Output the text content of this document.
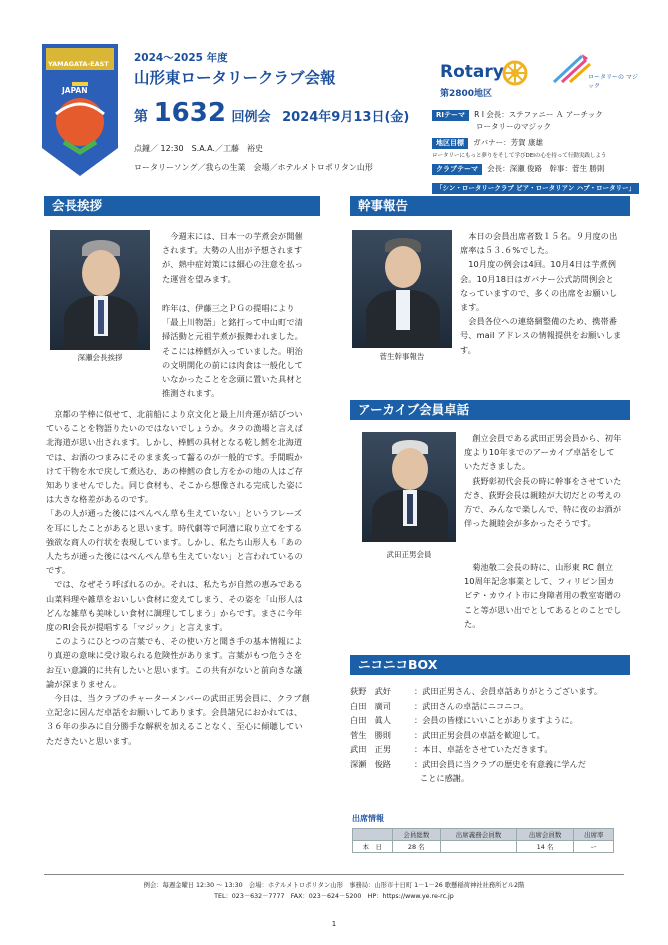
YAMAGATA-EAST
JAPAN
2024～2025 年度
山形東ロータリークラブ会報
第 1632 回例会 2024年9月13日(金)
点鐘／ 12:30　S.A.A.／工藤　裕史
ロータリーソング／我らの生業　会場／ホテルメトロポリタン山形
Rotary
第2800地区
ロータリーの マジック
RIテーマ R I 会長：ステファニー Ａ アーチック
ロータリーのマジック
地区目標 ガバナー：芳賀 康雄
ロータリーにもっと夢りをそして学びDEIの心を持って行動実践しよう
クラブテーマ 会長：深瀬 俊路　幹事：菅生 勝則 「シン・ロータリークラブ ビア・ロータリアン ハブ・ロータリー」
会長挨拶
深瀬会長挨拶

今週末には、日本一の芋煮会が開催されます。大勢の人出が予想されますが、熱中症対策には細心の注意を払った運営を望みます。

昨年は、伊藤三之ＰＧの提唱により「最上川物語」と銘打って中山町で清掃活動と元祖芋煮が振舞われました。そこには棒鱈が入っていました。明治の文明開化の前には肉食は一般化していなかったことを念頭に置いた具材と推測されます。

京都の芋棒に似せて、北前船により京文化と最上川舟運が結びついていることを物語りたいのではないでしょうか。タラの漁場と言えば北海道が思い出されます。しかし、棒鱈の具材となる乾し鱈を北海道では、お酒のつまみにそのまま炙って齧るのが一般的です。手間暇かけて干物を水で戻して煮込む、あの棒鱈の食し方をかの地の人はご存知ありませんでした。同じ食材も、そこから想像される完成した姿には大きな格差があるのです。

「あの人が通った後にはぺんぺん草も生えていない」というフレーズを耳にしたことがあると思います。時代劇等で阿漕に取り立てをする強欲な商人の行状を表現しています。しかし、私たち山形人も「あの人たちが通った後にはぺんぺん草も生えていない」と言われているのです。

では、なぜそう呼ばれるのか。それは、私たちが自然の恵みである山菜料理や雑草をおいしい食材に変えてしまう、その姿を「山形人はどんな雑草も美味しい食材に調理してしまう」からです。まさに今年度のRI会長が提唱する「マジック」と言えます。

このようにひとつの言葉でも、その使い方と聞き手の基本情報により真逆の意味に受け取られる危険性があります。言葉がもつ危うさをお互い意識的に共有したいと思います。この共有がないと前向きな議論が深まりません。

今日は、当クラブのチャーターメンバーの武田正男会員に、クラブ創立記念に因んだ卓話をお願いしてあります。会員諸兄におかれては、３６年の歩みに自分勝手な解釈を加えることなく、至心に傾聴していただきたいと思います。

幹事報告
菅生幹事報告

本日の会員出席者数１５名。９月度の出席率は５３.６%でした。

10月度の例会は4回。10月4日は芋煮例会。10月18日はガバナー公式訪問例会となっていますので、多くの出席をお願いします。

会員各位への連絡網整備のため、携帯番号、mail アドレスの情報提供をお願いします。

アーカイブ会員卓話
武田正男会員

創立会員である武田正男会員から、初年度より10年までのアーカイブ卓話をしていただきました。

荻野彰初代会長の時に幹事をさせていただき、荻野会長は親睦が大切だとの考えの方で、みんなで楽しんで、特に夜のお酒が伴った親睦会が多かったそうです。

菊池敬二会長の時に、山形東 RC 創立10周年記念事業として、フィリピン国カビテ・カウイト市に身障者用の教室寄贈のこと等が思い出でとしてあるとのことでした。

ニコニコBOX
荻野　武好	：武田正男さん、会員卓話ありがとうございます。
白田　廣司	：武田さんの卓話にニコニコ。
白田　眞人	：会員の皆様にいいことがありますように。
菅生　勝則	：武田正男会員の卓話を歓迎して。
武田　正男	：本日、卓話をさせていただきます。
深瀬　俊路	：武田会員に当クラブの歴史を有意義に学んだ
ことに感謝。
出席情報
	会員総数	出席義務会員数	出席会員数	出席率
本　日	28 名		14 名	ー
例会：毎週金曜日 12:30 ～ 13:30　会場：ホテルメトロポリタン山形　事務局：山形市十日町 1－1－26 歌懸稲荷神社社務所ビル2階
TEL：023－632－7777　FAX：023－624－5200　HP：https://www.ye.re-rc.jp
1
